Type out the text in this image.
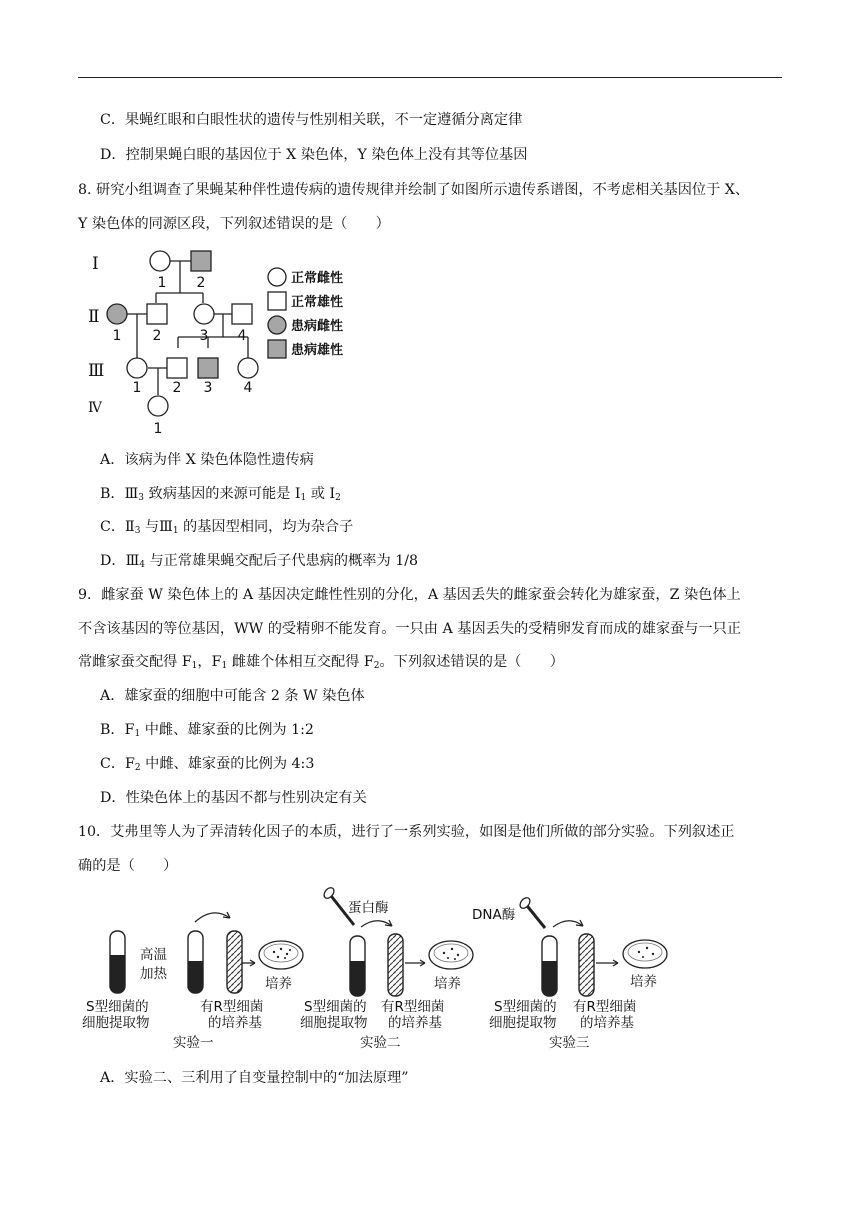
C．果蝇红眼和白眼性状的遗传与性别相关联，不一定遵循分离定律
D．控制果蝇白眼的基因位于 X 染色体，Y 染色体上没有其等位基因
8. 研究小组调查了果蝇某种伴性遗传病的遗传规律并绘制了如图所示遗传系谱图，不考虑相关基因位于 X、
Y 染色体的同源区段，下列叙述错误的是（　　）
Ⅰ
Ⅱ
Ⅲ
Ⅳ
1 2
1 2	3 4
1 2 3 4
1
正常雌性
正常雄性
患病雌性
患病雄性
A．该病为伴 X 染色体隐性遗传病
B．$Ⅲ_3$ 致病基因的来源可能是 $I_1$ 或 $I_2$
C．$Ⅱ_3$ 与$Ⅲ_1$ 的基因型相同，均为杂合子
D．$Ⅲ_4$ 与正常雄果蝇交配后子代患病的概率为 1/8
9．雌家蚕 W 染色体上的 A 基因决定雌性性别的分化，A 基因丢失的雌家蚕会转化为雄家蚕，Z 染色体上
不含该基因的等位基因，WW 的受精卵不能发育。一只由 A 基因丢失的受精卵发育而成的雄家蚕与一只正
常雌家蚕交配得 $F_1$，$F_1$ 雌雄个体相互交配得 $F_2$。下列叙述错误的是（　　）
A．雄家蚕的细胞中可能含 2 条 W 染色体
B．$F_1$ 中雌、雄家蚕的比例为 1:2
C．$F_2$ 中雌、雄家蚕的比例为 4:3
D．性染色体上的基因不都与性别决定有关
10．艾弗里等人为了弄清转化因子的本质，进行了一系列实验，如图是他们所做的部分实验。下列叙述正
确的是（　　）
高温
加热
蛋白酶	DNA酶
培养	培养	培养
S型细菌的
细胞提取物
有R型细菌
的培养基
S型细菌的
细胞提取物
有R型细菌
的培养基
S型细菌的
细胞提取物
有R型细菌
的培养基
实验一	实验二	实验三
A．实验二、三利用了自变量控制中的“加法原理”
